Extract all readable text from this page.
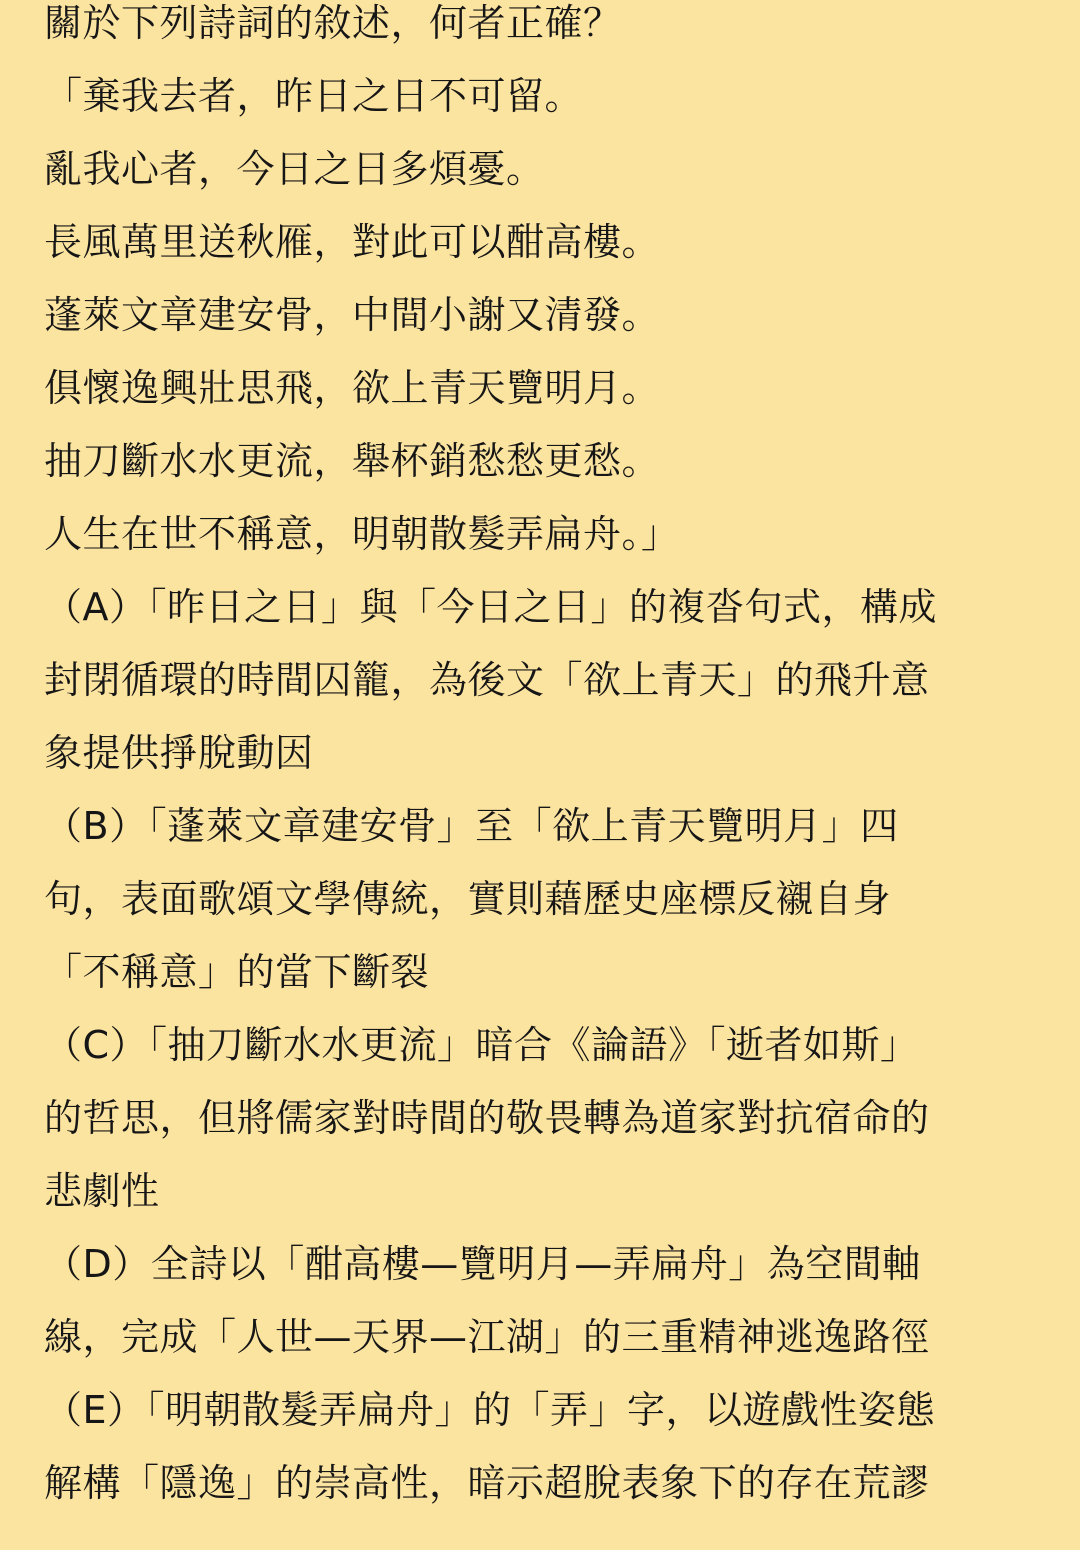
關於下列詩詞的敘述，何者正確？
「棄我去者，昨日之日不可留。
亂我心者，今日之日多煩憂。
長風萬里送秋雁，對此可以酣高樓。
蓬萊文章建安骨，中間小謝又清發。
俱懷逸興壯思飛，欲上青天覽明月。
抽刀斷水水更流，舉杯銷愁愁更愁。
人生在世不稱意，明朝散髮弄扁舟。」
（A）「昨日之日」與「今日之日」的複沓句式，構成
封閉循環的時間囚籠，為後文「欲上青天」的飛升意
象提供掙脫動因
（B）「蓬萊文章建安骨」至「欲上青天覽明月」四
句，表面歌頌文學傳統，實則藉歷史座標反襯自身
「不稱意」的當下斷裂
（C）「抽刀斷水水更流」暗合《論語》「逝者如斯」
的哲思，但將儒家對時間的敬畏轉為道家對抗宿命的
悲劇性
（D）全詩以「酣高樓—覽明月—弄扁舟」為空間軸
線，完成「人世—天界—江湖」的三重精神逃逸路徑
（E）「明朝散髮弄扁舟」的「弄」字，以遊戲性姿態
解構「隱逸」的崇高性，暗示超脫表象下的存在荒謬
